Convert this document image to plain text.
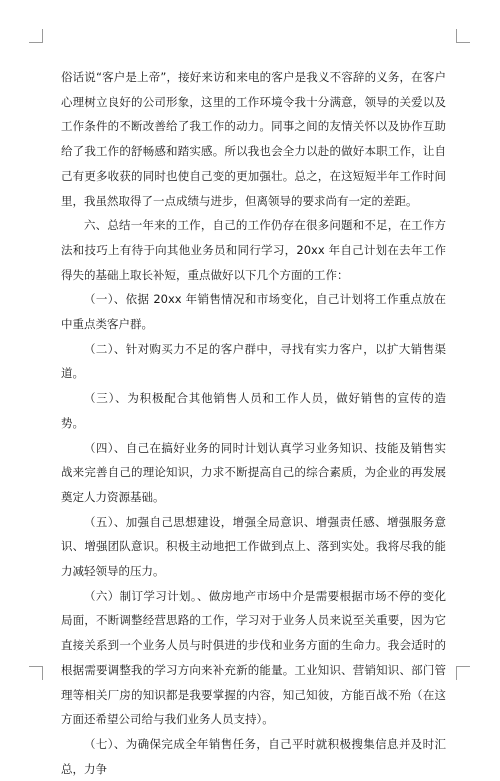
俗话说“客户是上帝”，接好来访和来电的客户是我义不容辞的义务，在客户心理树立良好的公司形象，这里的工作环境令我十分满意，领导的关爱以及工作条件的不断改善给了我工作的动力。同事之间的友情关怀以及协作互助给了我工作的舒畅感和踏实感。所以我也会全力以赴的做好本职工作，让自己有更多收获的同时也使自己变的更加强壮。总之，在这短短半年工作时间里，我虽然取得了一点成绩与进步，但离领导的要求尚有一定的差距。

六、总结一年来的工作，自己的工作仍存在很多问题和不足，在工作方法和技巧上有待于向其他业务员和同行学习，20xx 年自己计划在去年工作得失的基础上取长补短，重点做好以下几个方面的工作：

（一）、依据 20xx 年销售情况和市场变化，自己计划将工作重点放在中重点类客户群。

（二）、针对购买力不足的客户群中，寻找有实力客户，以扩大销售渠道。

（三）、为积极配合其他销售人员和工作人员，做好销售的宣传的造势。

（四）、自己在搞好业务的同时计划认真学习业务知识、技能及销售实战来完善自己的理论知识，力求不断提高自己的综合素质，为企业的再发展奠定人力资源基础。

（五）、加强自己思想建设，增强全局意识、增强责任感、增强服务意识、增强团队意识。积极主动地把工作做到点上、落到实处。我将尽我的能力减轻领导的压力。

（六）制订学习计划。、做房地产市场中介是需要根据市场不停的变化局面，不断调整经营思路的工作，学习对于业务人员来说至关重要，因为它直接关系到一个业务人员与时俱进的步伐和业务方面的生命力。我会适时的根据需要调整我的学习方向来补充新的能量。工业知识、营销知识、部门管理等相关厂房的知识都是我要掌握的内容，知己知彼，方能百战不殆（在这方面还希望公司给与我们业务人员支持）。

（七）、为确保完成全年销售任务，自己平时就积极搜集信息并及时汇总，力争
